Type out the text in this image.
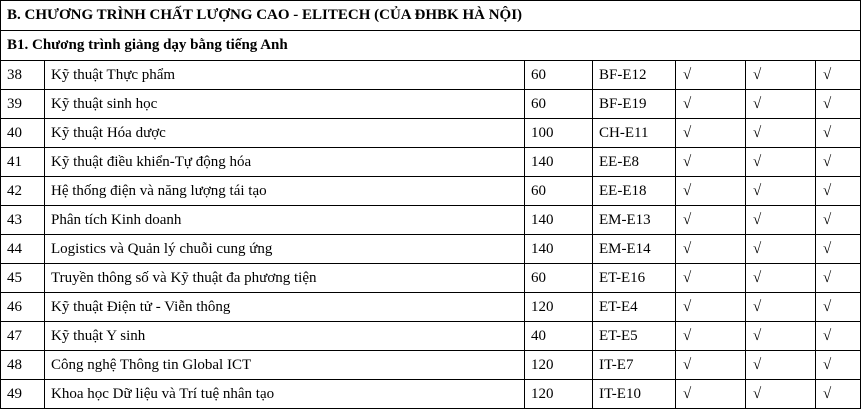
B. CHƯƠNG TRÌNH CHẤT LƯỢNG CAO - ELITECH (CỦA ĐHBK HÀ NỘI)						
B1. Chương trình giảng dạy bằng tiếng Anh						
38	Kỹ thuật Thực phẩm	60	BF-E12	√	√	√
39	Kỹ thuật sinh học	60	BF-E19	√	√	√
40	Kỹ thuật Hóa dược	100	CH-E11	√	√	√
41	Kỹ thuật điều khiển-Tự động hóa	140	EE-E8	√	√	√
42	Hệ thống điện và năng lượng tái tạo	60	EE-E18	√	√	√
43	Phân tích Kinh doanh	140	EM-E13	√	√	√
44	Logistics và Quản lý chuỗi cung ứng	140	EM-E14	√	√	√
45	Truyền thông số và Kỹ thuật đa phương tiện	60	ET-E16	√	√	√
46	Kỹ thuật Điện tử - Viễn thông	120	ET-E4	√	√	√
47	Kỹ thuật Y sinh	40	ET-E5	√	√	√
48	Công nghệ Thông tin Global ICT	120	IT-E7	√	√	√
49	Khoa học Dữ liệu và Trí tuệ nhân tạo	120	IT-E10	√	√	√
